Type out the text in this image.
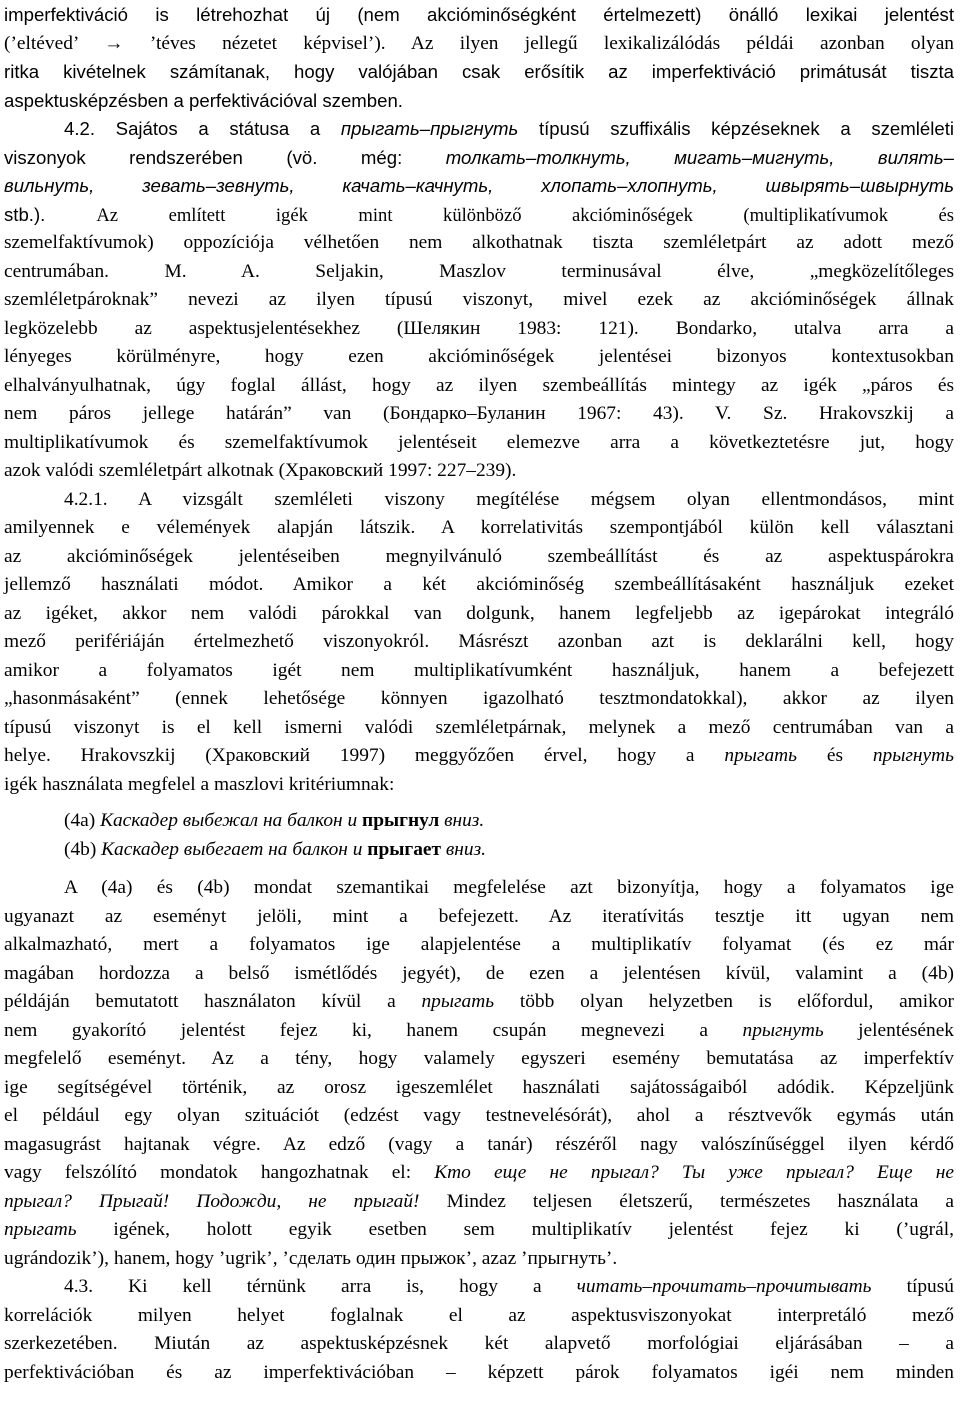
imperfektiváció is létrehozhat új (nem akcióminőségként értelmezett) önálló lexikai jelentést
(’eltéved’ → ’téves nézetet képvisel’). Az ilyen jellegű lexikalizálódás példái azonban olyan
ritka kivételnek számítanak, hogy valójában csak erősítik az imperfektiváció primátusát tiszta
aspektusképzésben a perfektivációval szemben.
4.2. Sajátos a státusa a прыгать–прыгнуть típusú szuffixális képzéseknek a szemléleti
viszonyok rendszerében (vö. még: толкать–толкнуть, мигать–мигнуть, вилять–
вильнуть, зевать–зевнуть, качать–качнуть, хлопать–хлопнуть, швырять–швырнуть
stb.). Az említett igék mint különböző akcióminőségek (multiplikatívumok és
szemelfaktívumok) oppozíciója vélhetően nem alkothatnak tiszta szemléletpárt az adott mező
centrumában. M. A. Seljakin, Maszlov terminusával élve, „megközelítőleges
szemléletpároknak” nevezi az ilyen típusú viszonyt, mivel ezek az akcióminőségek állnak
legközelebb az aspektusjelentésekhez (Шелякин 1983: 121). Bondarko, utalva arra a
lényeges körülményre, hogy ezen akcióminőségek jelentései bizonyos kontextusokban
elhalványulhatnak, úgy foglal állást, hogy az ilyen szembeállítás mintegy az igék „páros és
nem páros jellege határán” van (Бондарко–Буланин 1967: 43). V. Sz. Hrakovszkij a
multiplikatívumok és szemelfaktívumok jelentéseit elemezve arra a következtetésre jut, hogy
azok valódi szemléletpárt alkotnak (Храковский 1997: 227–239).
4.2.1. A vizsgált szemléleti viszony megítélése mégsem olyan ellentmondásos, mint
amilyennek e vélemények alapján látszik. A korrelativitás szempontjából külön kell választani
az akcióminőségek jelentéseiben megnyilvánuló szembeállítást és az aspektuspárokra
jellemző használati módot. Amikor a két akcióminőség szembeállításaként használjuk ezeket
az igéket, akkor nem valódi párokkal van dolgunk, hanem legfeljebb az igepárokat integráló
mező perifériáján értelmezhető viszonyokról. Másrészt azonban azt is deklarálni kell, hogy
amikor a folyamatos igét nem multiplikatívumként használjuk, hanem a befejezett
„hasonmásaként” (ennek lehetősége könnyen igazolható tesztmondatokkal), akkor az ilyen
típusú viszonyt is el kell ismerni valódi szemléletpárnak, melynek a mező centrumában van a
helye. Hrakovszkij (Храковский 1997) meggyőzően érvel, hogy a прыгать és прыгнуть
igék használata megfelel a maszlovi kritériumnak:
(4a) Каскадер выбежал на балкон и прыгнул вниз.
(4b) Каскадер выбегает на балкон и прыгает вниз.
A (4a) és (4b) mondat szemantikai megfelelése azt bizonyítja, hogy a folyamatos ige
ugyanazt az eseményt jelöli, mint a befejezett. Az iteratívitás tesztje itt ugyan nem
alkalmazható, mert a folyamatos ige alapjelentése a multiplikatív folyamat (és ez már
magában hordozza a belső ismétlődés jegyét), de ezen a jelentésen kívül, valamint a (4b)
példáján bemutatott használaton kívül a прыгать több olyan helyzetben is előfordul, amikor
nem gyakorító jelentést fejez ki, hanem csupán megnevezi a прыгнуть jelentésének
megfelelő eseményt. Az a tény, hogy valamely egyszeri esemény bemutatása az imperfektív
ige segítségével történik, az orosz igeszemlélet használati sajátosságaiból adódik. Képzeljünk
el például egy olyan szituációt (edzést vagy testnevelésórát), ahol a résztvevők egymás után
magasugrást hajtanak végre. Az edző (vagy a tanár) részéről nagy valószínűséggel ilyen kérdő
vagy felszólító mondatok hangozhatnak el: Кто еще не прыгал? Ты уже прыгал? Еще не
прыгал? Прыгай! Подожди, не прыгай! Mindez teljesen életszerű, természetes használata a
прыгать igének, holott egyik esetben sem multiplikatív jelentést fejez ki (’ugrál,
ugrándozik’), hanem, hogy ’ugrik’, ’сделать один прыжок’, azaz ’прыгнуть’.
4.3. Ki kell térnünk arra is, hogy a читать–прочитать–прочитывать típusú
korrelációk milyen helyet foglalnak el az aspektusviszonyokat interpretáló mező
szerkezetében. Miután az aspektusképzésnek két alapvető morfológiai eljárásában – a
perfektivációban és az imperfektivációban – képzett párok folyamatos igéi nem minden
